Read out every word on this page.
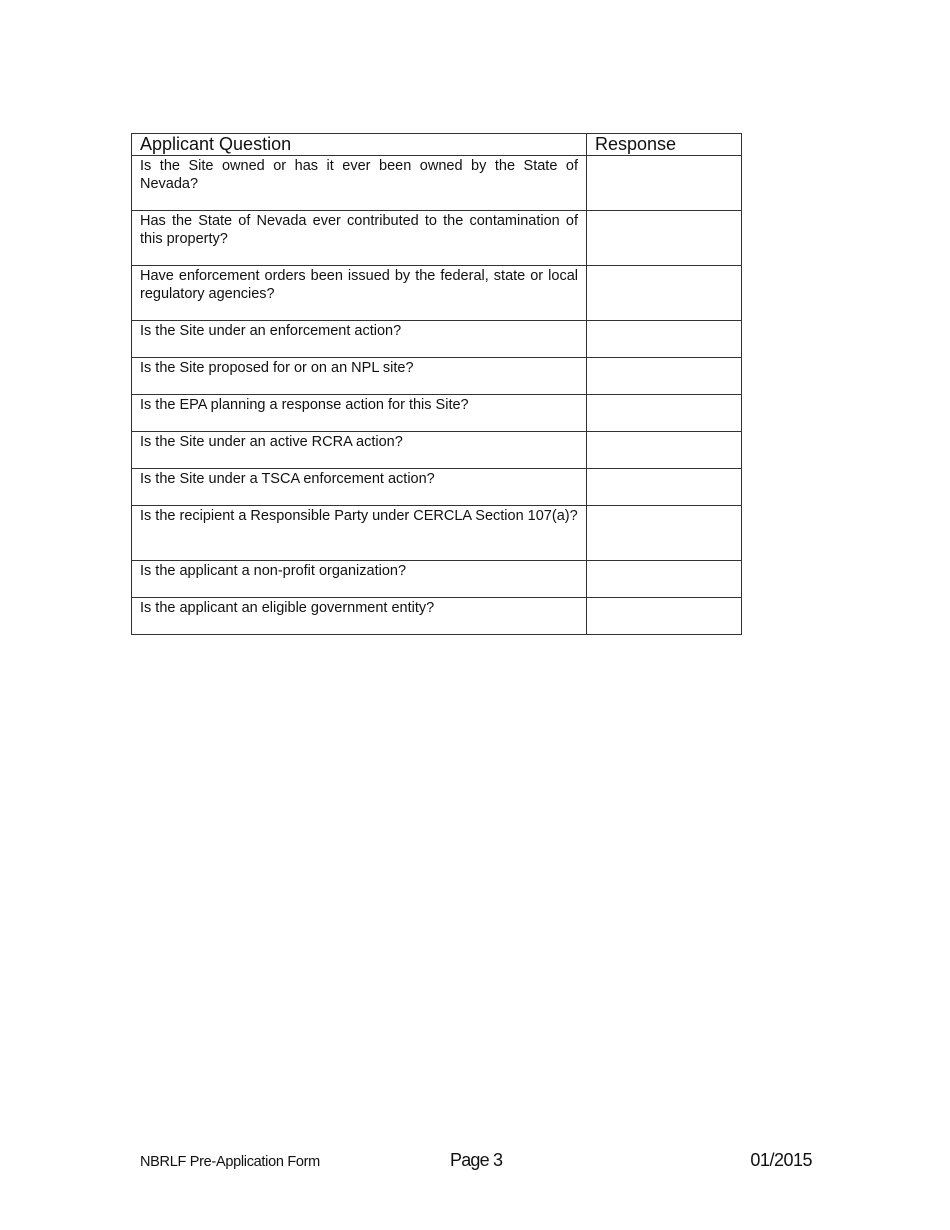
Applicant Question	Response
Is the Site owned or has it ever been owned by the State of Nevada?	
Has the State of Nevada ever contributed to the contamination of this property?	
Have enforcement orders been issued by the federal, state or local regulatory agencies?	
Is the Site under an enforcement action?	
Is the Site proposed for or on an NPL site?	
Is the EPA planning a response action for this Site?	
Is the Site under an active RCRA action?	
Is the Site under a TSCA enforcement action?	
Is the recipient a Responsible Party under CERCLA Section 107(a)?	
Is the applicant a non-profit organization?	
Is the applicant an eligible government entity?	
NBRLF Pre-Application Form	Page 3	01/2015
